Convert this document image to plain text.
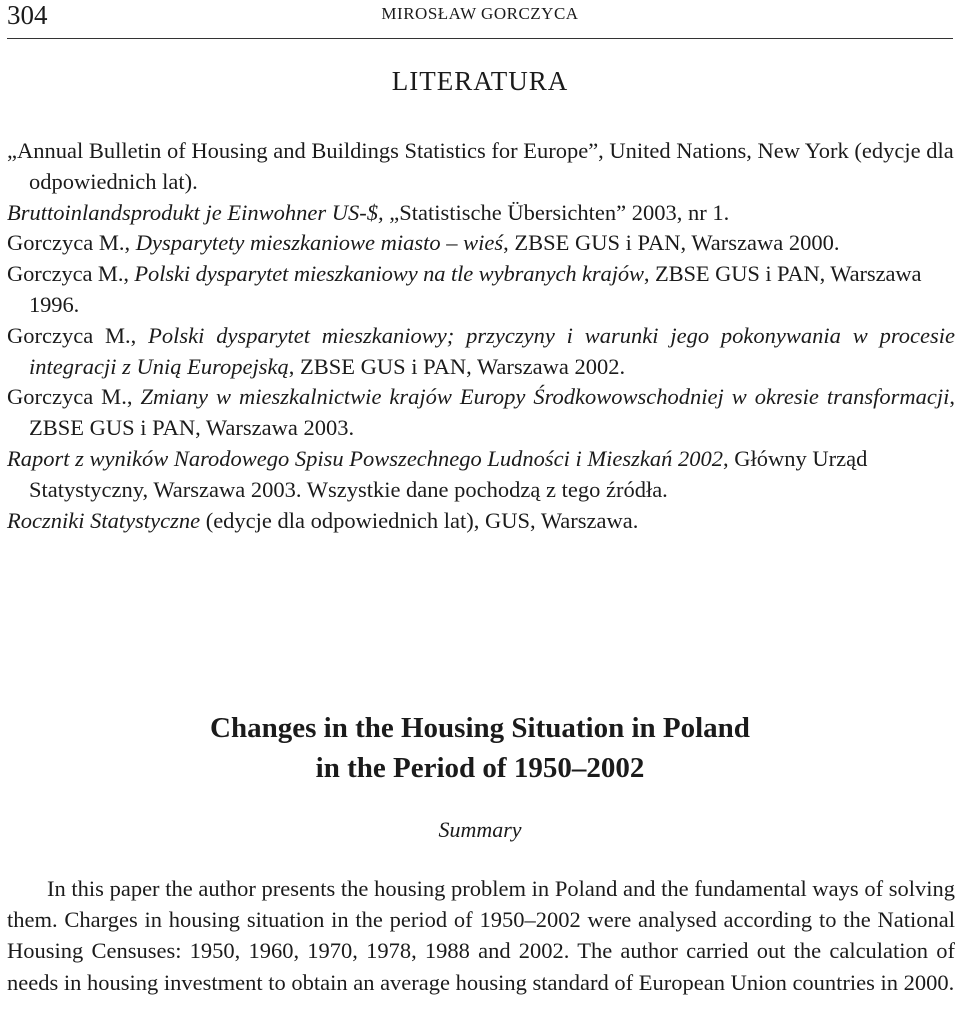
304	MIROSŁAW GORCZYCA
LITERATURA
„Annual Bulletin of Housing and Buildings Statistics for Europe”, United Nations, New York (edycje dla odpowiednich lat).
Bruttoinlandsprodukt je Einwohner US-$, „Statistische Übersichten” 2003, nr 1.
Gorczyca M., Dysparytety mieszkaniowe miasto – wieś, ZBSE GUS i PAN, Warszawa 2000.
Gorczyca M., Polski dysparytet mieszkaniowy na tle wybranych krajów, ZBSE GUS i PAN, Warszawa 1996.
Gorczyca M., Polski dysparytet mieszkaniowy; przyczyny i warunki jego pokonywania w procesie integracji z Unią Europejską, ZBSE GUS i PAN, Warszawa 2002.
Gorczyca M., Zmiany w mieszkalnictwie krajów Europy Środkowowschodniej w okresie transformacji, ZBSE GUS i PAN, Warszawa 2003.
Raport z wyników Narodowego Spisu Powszechnego Ludności i Mieszkań 2002, Główny Urząd Statystyczny, Warszawa 2003. Wszystkie dane pochodzą z tego źródła.
Roczniki Statystyczne (edycje dla odpowiednich lat), GUS, Warszawa.
Changes in the Housing Situation in Poland
in the Period of 1950–2002
Summary
In this paper the author presents the housing problem in Poland and the fundamental ways of solving them. Charges in housing situation in the period of 1950–2002 were analysed according to the National Housing Censuses: 1950, 1960, 1970, 1978, 1988 and 2002. The author carried out the calculation of needs in housing investment to obtain an average housing standard of European Union countries in 2000.
